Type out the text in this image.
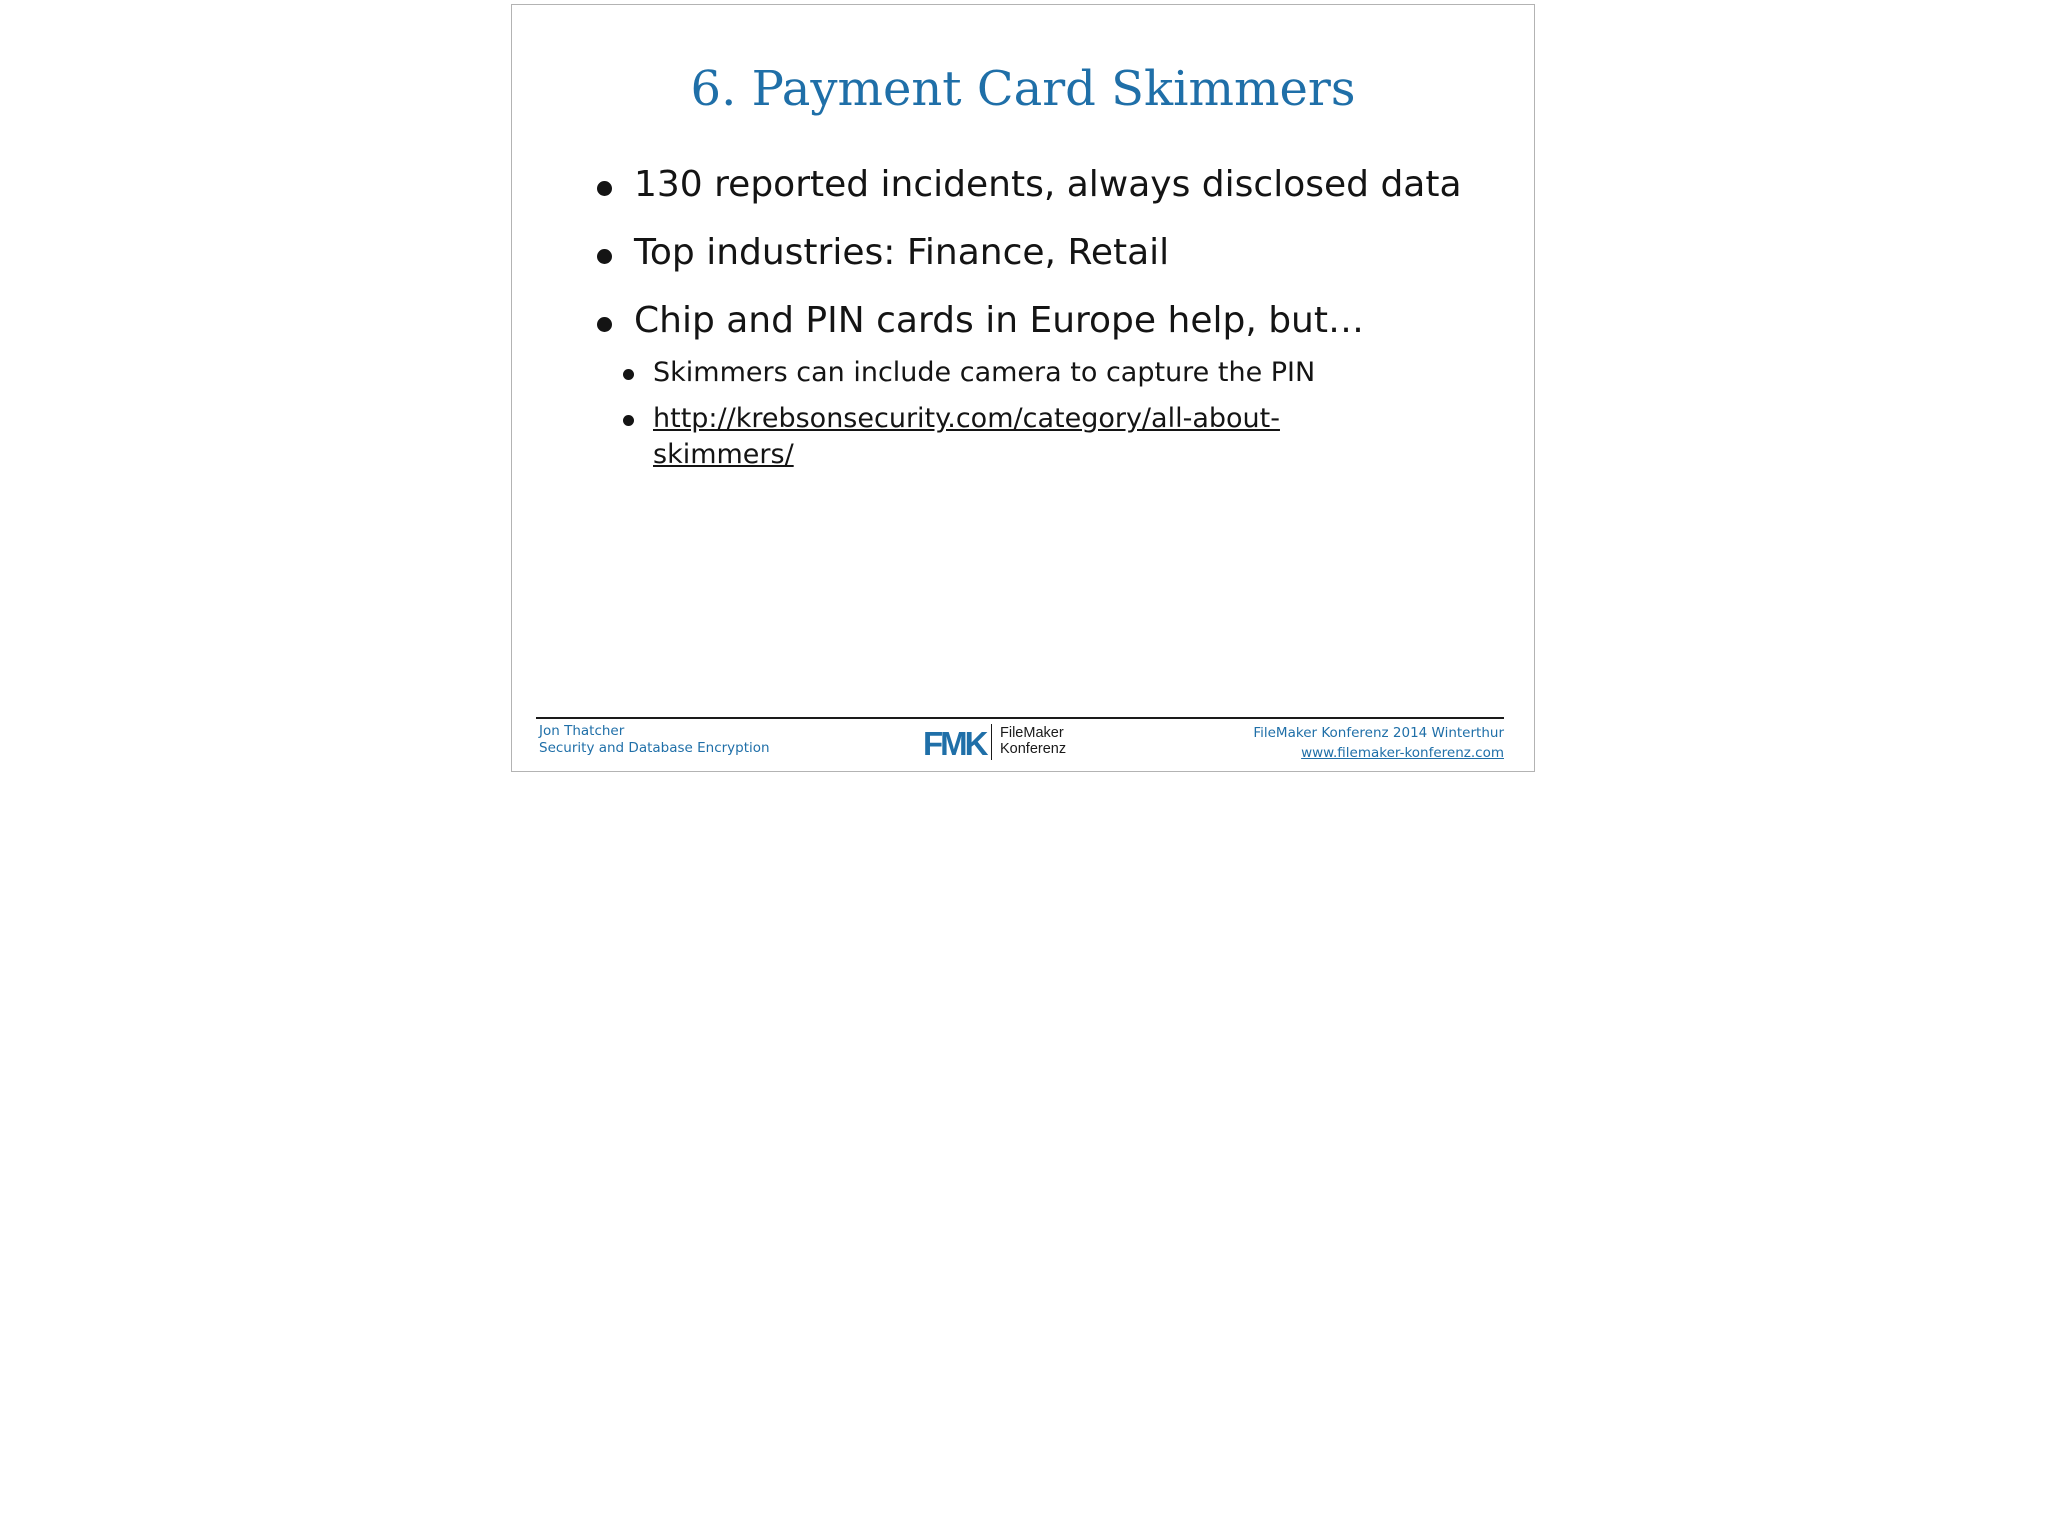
6. Payment Card Skimmers
130 reported incidents, always disclosed data
Top industries: Finance, Retail
Chip and PIN cards in Europe help, but…
Skimmers can include camera to capture the PIN
http://krebsonsecurity.com/category/all-about-skimmers/
Jon Thatcher
Security and Database Encryption	FMK FileMaker
Konferenz
FileMaker Konferenz 2014 Winterthur
www.filemaker-konferenz.com
